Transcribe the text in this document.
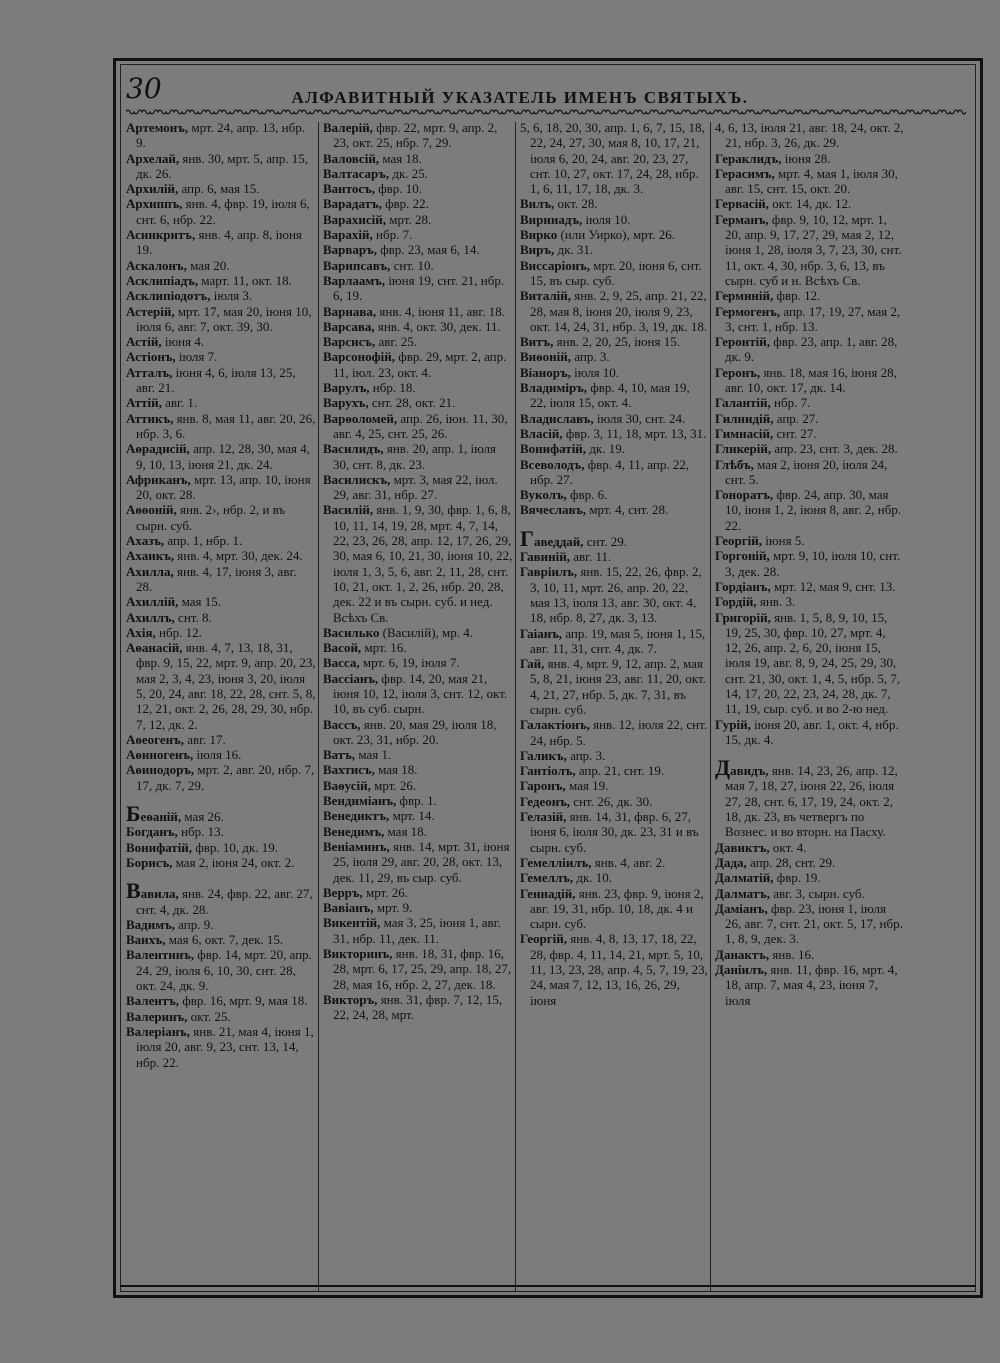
30	АЛФАВИТНЫЙ УКАЗАТЕЛЬ ИМЕНЪ СВЯТЫХЪ.

Артемонъ, мрт. 24, апр. 13, нбр. 9.

Архелай, янв. 30, мрт. 5, апр. 15, дк. 26.

Архилій, апр. 6, мая 15.

Архиппъ, янв. 4, фвр. 19, іюля 6, снт. 6, нбр. 22.

Асинкритъ, янв. 4, апр. 8, іюня 19.

Аскалонъ, мая 20.

Асклипіадъ, март. 11, окт. 18.

Асклипіодотъ, іюля 3.

Астерій, мрт. 17, мая 20, іюня 10, іюля 6, авг. 7, окт. 39, 30.

Астій, іюня 4.

Астіонъ, іюля 7.

Атталъ, іюня 4, 6, іюля 13, 25, авг. 21.

Аттій, авг. 1.

Аттикъ, янв. 8, мая 11, авг. 20, 26, нбр. 3, 6.

Аѳрадисій, апр. 12, 28, 30, мая 4, 9, 10, 13, іюня 21, дк. 24.

Африканъ, мрт. 13, апр. 10, іюня 20, окт. 28.

Аѳѳоній, янв. 2›, нбр. 2, и въ сырн. суб.

Ахазъ, апр. 1, нбр. 1.

Ахаикъ, янв. 4, мрт. 30, дек. 24.

Ахилла, янв. 4, 17, іюня 3, авг. 28.

Ахиллій, мая 15.

Ахиллъ, снт. 8.

Ахія, нбр. 12.

Аѳанасій, янв. 4, 7, 13, 18, 31, фвр. 9, 15, 22, мрт. 9, апр. 20, 23, мая 2, 3, 4, 23, іюня 3, 20, іюля 5, 20, 24, авг. 18, 22, 28, снт. 5, 8, 12, 21, окт. 2, 26, 28, 29, 30, нбр. 7, 12, дк. 2.

Аѳеогенъ, авг. 17.

Аѳиногенъ, іюля 16.

Аѳинодоръ, мрт. 2, авг. 20, нбр. 7, 17, дк. 7, 29.

Беѳаній, мая 26.

Богданъ, нбр. 13.

Вонифатій, фвр. 10, дк. 19.

Борисъ, мая 2, іюня 24, окт. 2.

Вавила, янв. 24, фвр. 22, авг. 27, снт. 4, дк. 28.

Вадимъ, апр. 9.

Ваихъ, мая 6, окт. 7, дек. 15.

Валентинъ, фвр. 14, мрт. 20, апр. 24, 29, іюля 6, 10, 30, снт. 28, окт. 24, дк. 9.

Валентъ, фвр. 16, мрт. 9, мая 18.

Валеринъ, окт. 25.

Валеріанъ, янв. 21, мая 4, іюня 1, іюля 20, авг. 9, 23, снт. 13, 14, нбр. 22.

Валерій, фвр. 22, мрт. 9, апр. 2, 23, окт. 25, нбр. 7, 29.

Валовсій, мая 18.

Валтасаръ, дк. 25.

Вантосъ, фвр. 10.

Варадатъ, фвр. 22.

Варахисій, мрт. 28.

Варахій, нбр. 7.

Варваръ, фвр. 23, мая 6, 14.

Варипсавъ, снт. 10.

Варлаамъ, іюня 19, снт. 21, нбр. 6, 19.

Варнава, янв. 4, іюня 11, авг. 18.

Варсава, янв. 4, окт. 30, дек. 11.

Варсисъ, авг. 25.

Варсонофій, фвр. 29, мрт. 2, апр. 11, іюл. 23, окт. 4.

Варулъ, нбр. 18.

Варухъ, снт. 28, окт. 21.

Варѳоломей, апр. 26, іюн. 11, 30, авг. 4, 25, снт. 25, 26.

Василидъ, янв. 20, апр. 1, іюля 30, снт. 8, дк. 23.

Василискъ, мрт. 3, мая 22, іюл. 29, авг. 31, нбр. 27.

Василій, янв. 1, 9, 30, фвр. 1, 6, 8, 10, 11, 14, 19, 28, мрт. 4, 7, 14, 22, 23, 26, 28, апр. 12, 17, 26, 29, 30, мая 6, 10, 21, 30, іюня 10, 22, іюля 1, 3, 5, 6, авг. 2, 11, 28, снт. 10, 21, окт. 1, 2, 26, нбр. 20, 28, дек. 22 и въ сырн. суб. и нед. Всѣхъ Св.

Василько (Василій), мр. 4.

Васой, мрт. 16.

Васса, мрт. 6, 19, іюля 7.

Вассіанъ, фвр. 14, 20, мая 21, іюня 10, 12, іюля 3, снт. 12, окт. 10, въ суб. сырн.

Вассъ, янв. 20, мая 29, іюля 18, окт. 23, 31, нбр. 20.

Ватъ, мая 1.

Вахтисъ, мая 18.

Ваѳусій, мрт. 26.

Вендиміанъ, фвр. 1.

Венедиктъ, мрт. 14.

Венедимъ, мая 18.

Веніаминъ, янв. 14, мрт. 31, іюня 25, іюля 29, авг. 20, 28, окт. 13, дек. 11, 29, въ сыр. суб.

Верръ, мрт. 26.

Вавіанъ, мрт. 9.

Викентій, мая 3, 25, іюня 1, авг. 31, нбр. 11, дек. 11.

Викторинъ, янв. 18, 31, фвр. 16, 28, мрт. 6, 17, 25, 29, апр. 18, 27, 28, мая 16, нбр. 2, 27, дек. 18.

Викторъ, янв. 31, фвр. 7, 12, 15, 22, 24, 28, мрт.

5, 6, 18, 20, 30, апр. 1, 6, 7, 15, 18, 22, 24, 27, 30, мая 8, 10, 17, 21, іюля 6, 20, 24, авг. 20, 23, 27, снт. 10, 27, окт. 17, 24, 28, нбр. 1, 6, 11, 17, 18, дк. 3.

Вилъ, окт. 28.

Виринадъ, іюля 10.

Вирко (или Уирко), мрт. 26.

Виръ, дк. 31.

Виссаріонъ, мрт. 20, іюня 6, снт. 15, въ сыр. суб.

Виталій, янв. 2, 9, 25, апр. 21, 22, 28, мая 8, іюня 20, іюля 9, 23, окт. 14, 24, 31, нбр. 3, 19, дк. 18.

Витъ, янв. 2, 20, 25, іюня 15.

Виѳоній, апр. 3.

Віаноръ, іюля 10.

Владиміръ, фвр. 4, 10, мая 19, 22, іюля 15, окт. 4.

Владиславъ, іюля 30, снт. 24.

Власій, фвр. 3, 11, 18, мрт. 13, 31.

Вонифатій, дк. 19.

Всеволодъ, фвр. 4, 11, апр. 22, нбр. 27.

Вуколъ, фвр. 6.

Вячеславъ, мрт. 4, снт. 28.

Гаведдай, снт. 29.

Гавиній, авг. 11.

Гавріилъ, янв. 15, 22, 26, фвр. 2, 3, 10, 11, мрт. 26, апр. 20, 22, мая 13, іюля 13, авг. 30, окт. 4, 18, нбр. 8, 27, дк. 3, 13.

Гаіанъ, апр. 19, мая 5, іюня 1, 15, авг. 11, 31, снт. 4, дк. 7.

Гай, янв. 4, мрт. 9, 12, апр. 2, мая 5, 8, 21, іюня 23, авг. 11, 20, окт. 4, 21, 27, нбр. 5, дк. 7, 31, въ сырн. суб.

Галактіонъ, янв. 12, іюля 22, снт. 24, нбр. 5.

Галикъ, апр. 3.

Гантіолъ, апр. 21, снт. 19.

Гаронъ, мая 19.

Гедеонъ, снт. 26, дк. 30.

Гелазій, янв. 14, 31, фвр. 6, 27, іюня 6, іюля 30, дк. 23, 31 и въ сырн. суб.

Гемелліилъ, янв. 4, авг. 2.

Гемеллъ, дк. 10.

Геннадій, янв. 23, фвр. 9, іюня 2, авг. 19, 31, нбр. 10, 18, дк. 4 и сырн. суб.

Георгій, янв. 4, 8, 13, 17, 18, 22, 28, фвр. 4, 11, 14, 21, мрт. 5, 10, 11, 13, 23, 28, апр. 4, 5, 7, 19, 23, 24, мая 7, 12, 13, 16, 26, 29, іюня

4, 6, 13, іюля 21, авг. 18, 24, окт. 2, 21, нбр. 3, 26, дк. 29.

Гераклидъ, іюня 28.

Герасимъ, мрт. 4, мая 1, іюля 30, авг. 15, снт. 15, окт. 20.

Гервасій, окт. 14, дк. 12.

Германъ, фвр. 9, 10, 12, мрт. 1, 20, апр. 9, 17, 27, 29, мая 2, 12, іюня 1, 28, іюля 3, 7, 23, 30, снт. 11, окт. 4, 30, нбр. 3, 6, 13, въ сырн. суб и н. Всѣхъ Св.

Герминій, фвр. 12.

Гермогенъ, апр. 17, 19, 27, мая 2, 3, снт. 1, нбр. 13.

Геронтій, фвр. 23, апр. 1, авг. 28, дк. 9.

Геронъ, янв. 18, мая 16, іюня 28, авг. 10, окт. 17, дк. 14.

Галантій, нбр. 7.

Гилнидій, апр. 27.

Гимнасій, снт. 27.

Гликерій, апр. 23, снт. 3, дек. 28.

Глѣбъ, мая 2, іюня 20, іюля 24, снт. 5.

Гоноратъ, фвр. 24, апр. 30, мая 10, іюня 1, 2, іюня 8, авг. 2, нбр. 22.

Георгій, іюня 5.

Горгоній, мрт. 9, 10, іюля 10, снт. 3, дек. 28.

Гордіанъ, мрт. 12, мая 9, снт. 13.

Гордій, янв. 3.

Григорій, янв. 1, 5, 8, 9, 10, 15, 19, 25, 30, фвр. 10, 27, мрт. 4, 12, 26, апр. 2, 6, 20, іюня 15, іюля 19, авг. 8, 9, 24, 25, 29, 30, снт. 21, 30, окт. 1, 4, 5, нбр. 5, 7, 14, 17, 20, 22, 23, 24, 28, дк. 7, 11, 19, сыр. суб. и во 2-ю нед.

Гурій, іюня 20, авг. 1, окт. 4, нбр. 15, дк. 4.

Давидъ, янв. 14, 23, 26, апр. 12, мая 7, 18, 27, іюня 22, 26, іюля 27, 28, снт. 6, 17, 19, 24, окт. 2, 18, дк. 23, въ четвергъ по Вознес. и во вторн. на Пасху.

Давиктъ, окт. 4.

Дада, апр. 28, снт. 29.

Далматій, фвр. 19.

Далматъ, авг. 3, сырн. суб.

Даміанъ, фвр. 23, іюня 1, іюля 26, авг. 7, снт. 21, окт. 5, 17, нбр. 1, 8, 9, дек. 3.

Данактъ, янв. 16.

Даніилъ, янв. 11, фвр. 16, мрт. 4, 18, апр. 7, мая 4, 23, іюня 7, іюля
